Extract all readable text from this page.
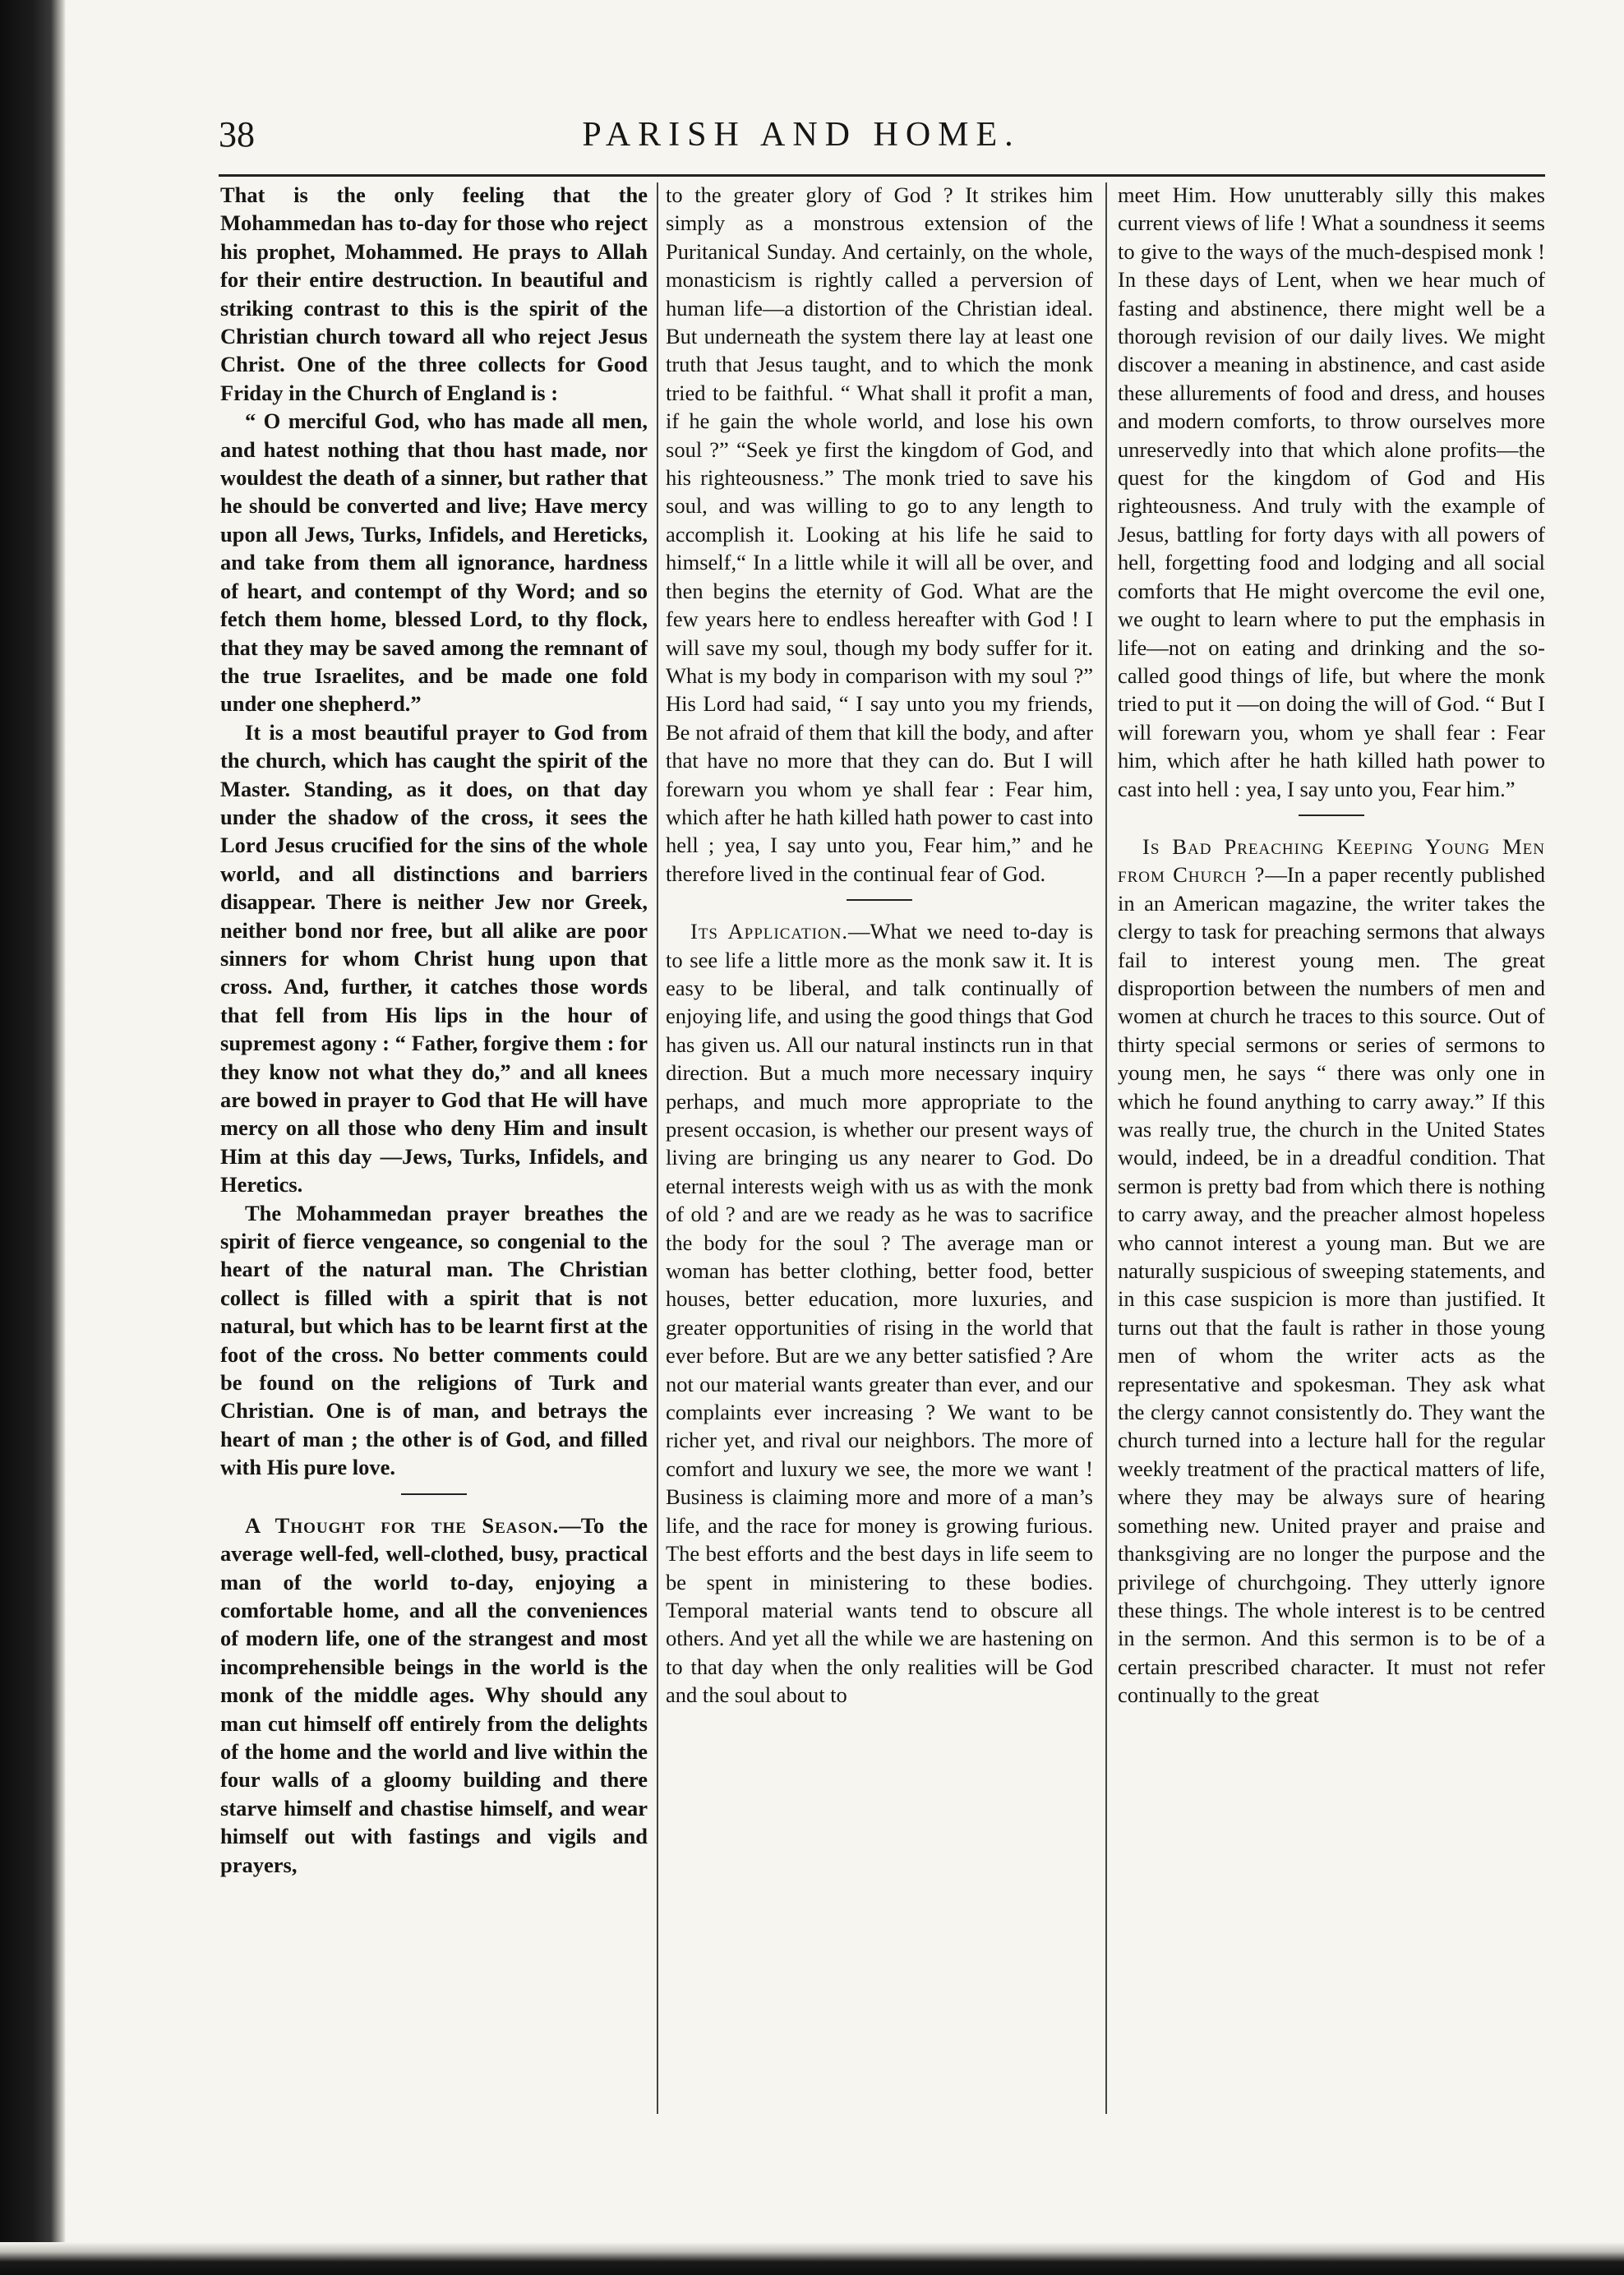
38	PARISH AND HOME.

That is the only feeling that the Mohammedan has to-day for those who reject his prophet, Mohammed. He prays to Allah for their entire destruction. In beautiful and striking contrast to this is the spirit of the Christian church toward all who reject Jesus Christ. One of the three collects for Good Friday in the Church of England is :

“ O merciful God, who has made all men, and hatest nothing that thou hast made, nor wouldest the death of a sinner, but rather that he should be converted and live; Have mercy upon all Jews, Turks, Infidels, and Hereticks, and take from them all ignorance, hardness of heart, and contempt of thy Word; and so fetch them home, blessed Lord, to thy flock, that they may be saved among the remnant of the true Israelites, and be made one fold under one shepherd.”

It is a most beautiful prayer to God from the church, which has caught the spirit of the Master. Standing, as it does, on that day under the shadow of the cross, it sees the Lord Jesus crucified for the sins of the whole world, and all distinctions and barriers disappear. There is neither Jew nor Greek, neither bond nor free, but all alike are poor sinners for whom Christ hung upon that cross. And, further, it catches those words that fell from His lips in the hour of supremest agony : “ Father, forgive them : for they know not what they do,” and all knees are bowed in prayer to God that He will have mercy on all those who deny Him and insult Him at this day —Jews, Turks, Infidels, and Heretics.

The Mohammedan prayer breathes the spirit of fierce vengeance, so congenial to the heart of the natural man. The Christian collect is filled with a spirit that is not natural, but which has to be learnt first at the foot of the cross. No better comments could be found on the religions of Turk and Christian. One is of man, and betrays the heart of man ; the other is of God, and filled with His pure love.

A Thought for the Season.—To the average well-fed, well-clothed, busy, practical man of the world to-day, enjoying a comfortable home, and all the conveniences of modern life, one of the strangest and most incomprehensible beings in the world is the monk of the middle ages. Why should any man cut himself off entirely from the delights of the home and the world and live within the four walls of a gloomy building and there starve himself and chastise himself, and wear himself out with fastings and vigils and prayers,

to the greater glory of God ? It strikes him simply as a monstrous extension of the Puritanical Sunday. And certainly, on the whole, monasticism is rightly called a perversion of human life—a distortion of the Christian ideal. But underneath the system there lay at least one truth that Jesus taught, and to which the monk tried to be faithful. “ What shall it profit a man, if he gain the whole world, and lose his own soul ?” “Seek ye first the kingdom of God, and his righteousness.” The monk tried to save his soul, and was willing to go to any length to accomplish it. Looking at his life he said to himself,“ In a little while it will all be over, and then begins the eternity of God. What are the few years here to endless hereafter with God ! I will save my soul, though my body suffer for it. What is my body in comparison with my soul ?” His Lord had said, “ I say unto you my friends, Be not afraid of them that kill the body, and after that have no more that they can do. But I will forewarn you whom ye shall fear : Fear him, which after he hath killed hath power to cast into hell ; yea, I say unto you, Fear him,” and he therefore lived in the continual fear of God.

Its Application.—What we need to-day is to see life a little more as the monk saw it. It is easy to be liberal, and talk continually of enjoying life, and using the good things that God has given us. All our natural instincts run in that direction. But a much more necessary inquiry perhaps, and much more appropriate to the present occasion, is whether our present ways of living are bringing us any nearer to God. Do eternal interests weigh with us as with the monk of old ? and are we ready as he was to sacrifice the body for the soul ? The average man or woman has better clothing, better food, better houses, better education, more luxuries, and greater opportunities of rising in the world that ever before. But are we any better satisfied ? Are not our material wants greater than ever, and our complaints ever increasing ? We want to be richer yet, and rival our neighbors. The more of comfort and luxury we see, the more we want ! Business is claiming more and more of a man’s life, and the race for money is growing furious. The best efforts and the best days in life seem to be spent in ministering to these bodies. Temporal material wants tend to obscure all others. And yet all the while we are hastening on to that day when the only realities will be God and the soul about to

meet Him. How unutterably silly this makes current views of life ! What a soundness it seems to give to the ways of the much-despised monk ! In these days of Lent, when we hear much of fasting and abstinence, there might well be a thorough revision of our daily lives. We might discover a meaning in abstinence, and cast aside these allurements of food and dress, and houses and modern comforts, to throw ourselves more unreservedly into that which alone profits—the quest for the kingdom of God and His righteousness. And truly with the example of Jesus, battling for forty days with all powers of hell, forgetting food and lodging and all social comforts that He might overcome the evil one, we ought to learn where to put the emphasis in life—not on eating and drinking and the so-called good things of life, but where the monk tried to put it —on doing the will of God. “ But I will forewarn you, whom ye shall fear : Fear him, which after he hath killed hath power to cast into hell : yea, I say unto you, Fear him.”

Is Bad Preaching Keeping Young Men from Church ?—In a paper recently published in an American magazine, the writer takes the clergy to task for preaching sermons that always fail to interest young men. The great disproportion between the numbers of men and women at church he traces to this source. Out of thirty special sermons or series of sermons to young men, he says “ there was only one in which he found anything to carry away.” If this was really true, the church in the United States would, indeed, be in a dreadful condition. That sermon is pretty bad from which there is nothing to carry away, and the preacher almost hopeless who cannot interest a young man. But we are naturally suspicious of sweeping statements, and in this case suspicion is more than justified. It turns out that the fault is rather in those young men of whom the writer acts as the representative and spokesman. They ask what the clergy cannot consistently do. They want the church turned into a lecture hall for the regular weekly treatment of the practical matters of life, where they may be always sure of hearing something new. United prayer and praise and thanksgiving are no longer the purpose and the privilege of churchgoing. They utterly ignore these things. The whole interest is to be centred in the sermon. And this sermon is to be of a certain prescribed character. It must not refer continually to the great
